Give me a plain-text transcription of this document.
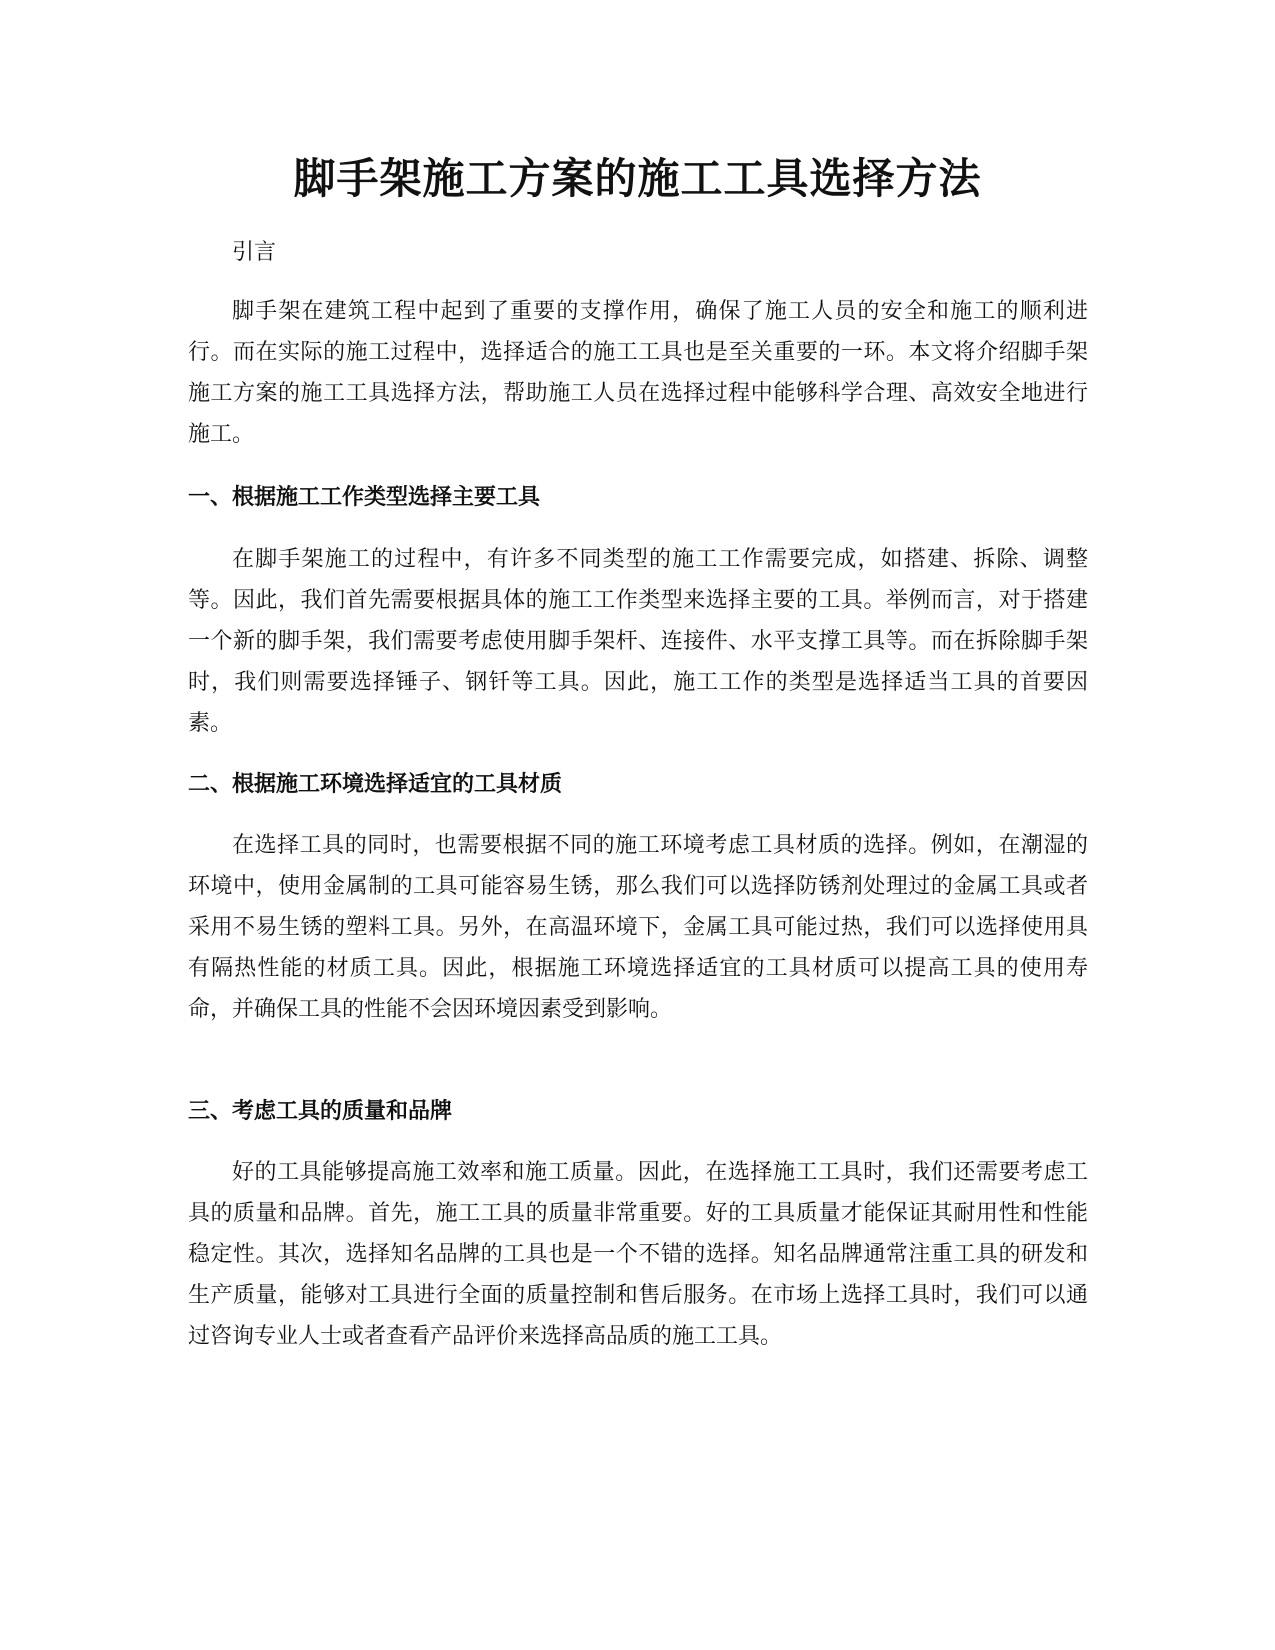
脚手架施工方案的施工工具选择方法

引言

脚手架在建筑工程中起到了重要的支撑作用，确保了施工人员的安全和施工的顺利进行。而在实际的施工过程中，选择适合的施工工具也是至关重要的一环。本文将介绍脚手架施工方案的施工工具选择方法，帮助施工人员在选择过程中能够科学合理、高效安全地进行施工。

一、根据施工工作类型选择主要工具

在脚手架施工的过程中，有许多不同类型的施工工作需要完成，如搭建、拆除、调整等。因此，我们首先需要根据具体的施工工作类型来选择主要的工具。举例而言，对于搭建一个新的脚手架，我们需要考虑使用脚手架杆、连接件、水平支撑工具等。而在拆除脚手架时，我们则需要选择锤子、钢钎等工具。因此，施工工作的类型是选择适当工具的首要因素。

二、根据施工环境选择适宜的工具材质

在选择工具的同时，也需要根据不同的施工环境考虑工具材质的选择。例如，在潮湿的环境中，使用金属制的工具可能容易生锈，那么我们可以选择防锈剂处理过的金属工具或者采用不易生锈的塑料工具。另外，在高温环境下，金属工具可能过热，我们可以选择使用具有隔热性能的材质工具。因此，根据施工环境选择适宜的工具材质可以提高工具的使用寿命，并确保工具的性能不会因环境因素受到影响。

三、考虑工具的质量和品牌

好的工具能够提高施工效率和施工质量。因此，在选择施工工具时，我们还需要考虑工具的质量和品牌。首先，施工工具的质量非常重要。好的工具质量才能保证其耐用性和性能稳定性。其次，选择知名品牌的工具也是一个不错的选择。知名品牌通常注重工具的研发和生产质量，能够对工具进行全面的质量控制和售后服务。在市场上选择工具时，我们可以通过咨询专业人士或者查看产品评价来选择高品质的施工工具。
